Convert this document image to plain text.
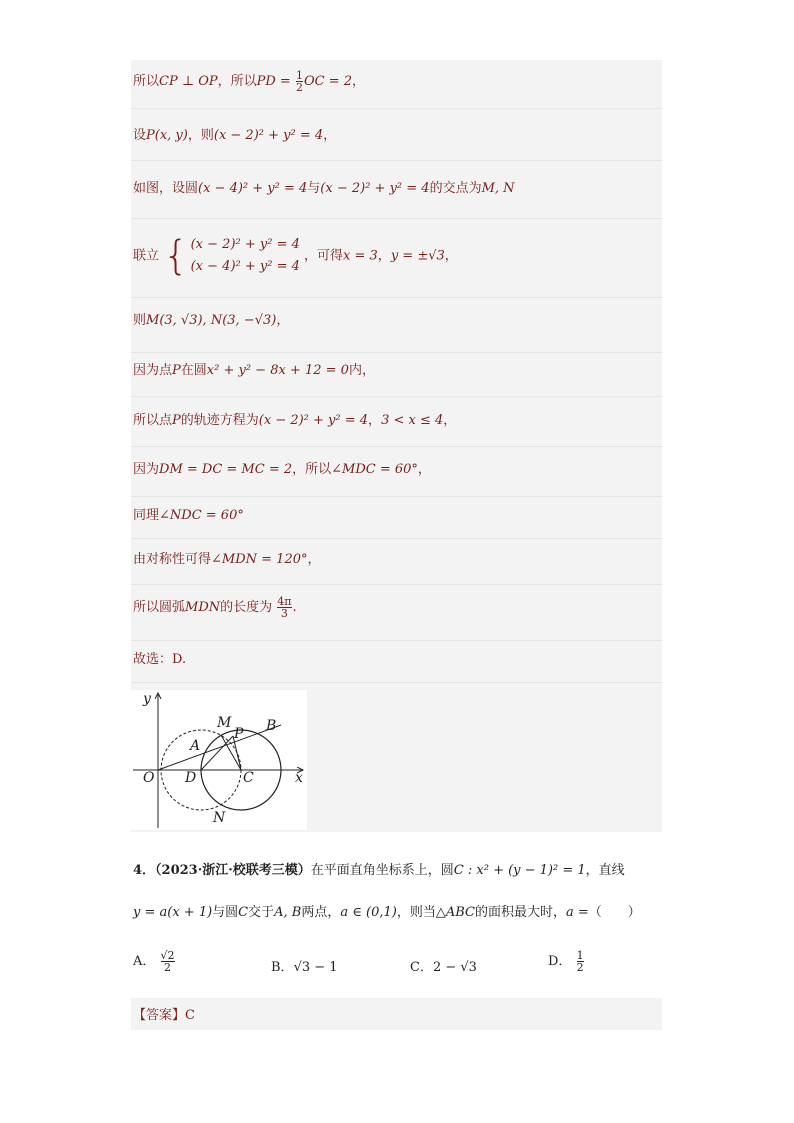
所以CP ⊥ OP，所以PD = $\frac{1}{2}$ OC = 2，
设P(x, y)，则(x − 2)² + y² = 4，
如图，设圆(x − 4)² + y² = 4与(x − 2)² + y² = 4的交点为M, N
联立 { (x − 2)² + y² = 4
(x − 4)² + y² = 4
，可得x = 3，y = ±√3，
则M(3, √3), N(3, −√3)，
因为点P在圆x² + y² − 8x + 12 = 0内，
所以点P的轨迹方程为(x − 2)² + y² = 4，3 < x ≤ 4，
因为DM = DC = MC = 2，所以∠MDC = 60°，
同理∠NDC = 60°
由对称性可得∠MDN = 120°，
所以圆弧MDN的长度为 $\frac{4\pi}{3}$ .
故选：D.
y
x
O D	C
M
N
A
P B
4．（2023·浙江·校联考三模）在平面直角坐标系上，圆C : x² + (y − 1)² = 1，直线
y = a(x + 1)与圆C交于A, B两点，a ∈ (0,1)，则当△ABC的面积最大时，a =（　　）
A． $\frac{√2}{2}$	B．√3 − 1	C．2 − √3	D． $\frac{1}{2}$
【答案】C
